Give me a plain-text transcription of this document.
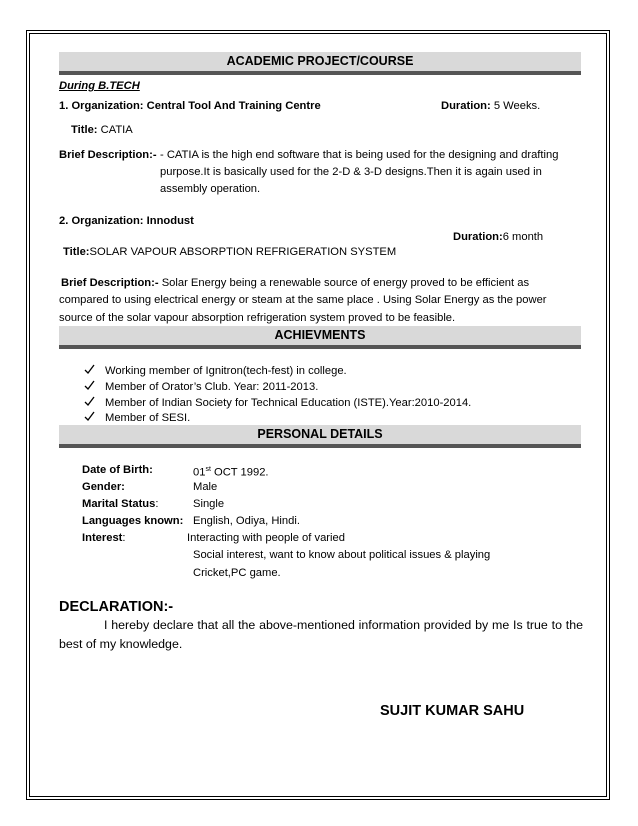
ACADEMIC PROJECT/COURSE
During B.TECH
1. Organization: Central Tool And Training Centre	Duration: 5 Weeks.
Title: CATIA
Brief Description:- - CATIA is the high end software that is being used for the designing and drafting
purpose.It is basically used for the 2-D & 3-D designs.Then it is again used in
assembly operation.
2. Organization: Innodust
Duration:6 month
Title:SOLAR VAPOUR ABSORPTION REFRIGERATION SYSTEM
Brief Description:- Solar Energy being a renewable source of energy proved to be efficient as
compared to using electrical energy or steam at the same place . Using Solar Energy as the power
source of the solar vapour absorption refrigeration system proved to be feasible.
ACHIEVMENTS
Working member of Ignitron(tech-fest) in college.
Member of Orator’s Club. Year: 2011-2013.
Member of Indian Society for Technical Education (ISTE).Year:2010-2014.
Member of SESI.
PERSONAL DETAILS
Date of Birth:	01st OCT 1992.
Gender:	Male
Marital Status:	Single
Languages known: English, Odiya, Hindi.
Interest:	Interacting with people of varied
Social interest, want to know about political issues & playing
Cricket,PC game.
DECLARATION:-
I hereby declare that all the above-mentioned information provided by me Is true to the best of my knowledge.
SUJIT KUMAR SAHU
